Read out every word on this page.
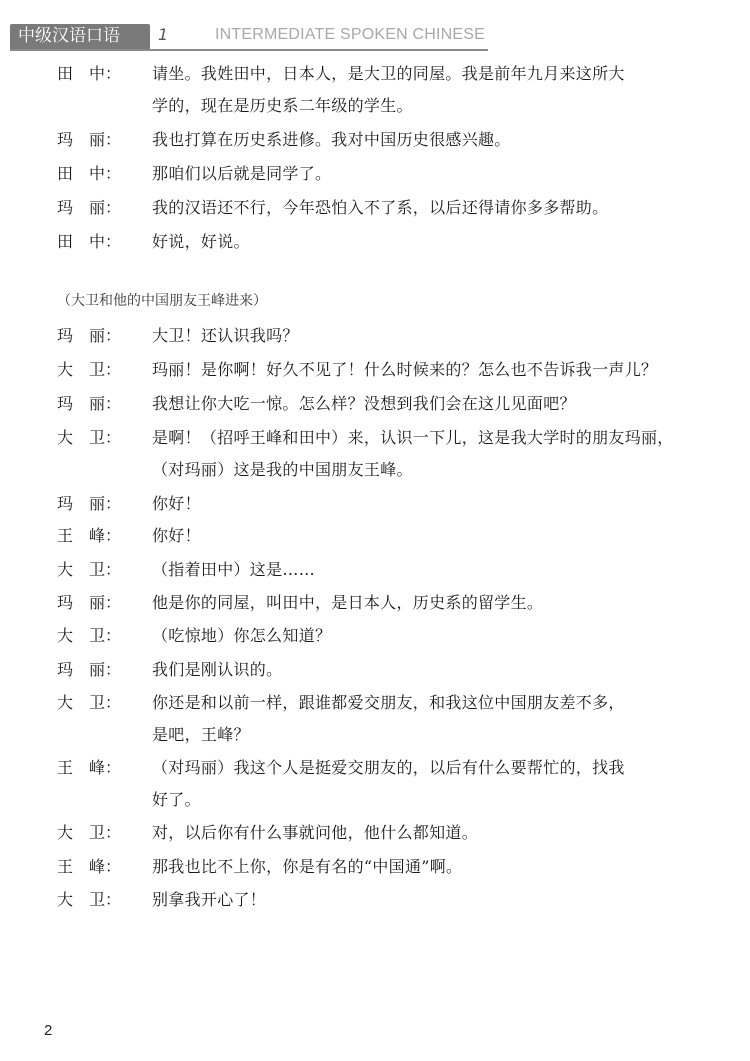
中级汉语口语	1	INTERMEDIATE SPOKEN CHINESE
田　中： 请坐。我姓田中，日本人，是大卫的同屋。我是前年九月来这所大
学的，现在是历史系二年级的学生。
玛　丽： 我也打算在历史系进修。我对中国历史很感兴趣。
田　中： 那咱们以后就是同学了。
玛　丽： 我的汉语还不行，今年恐怕入不了系，以后还得请你多多帮助。
田　中： 好说，好说。
（大卫和他的中国朋友王峰进来）
玛　丽： 大卫！还认识我吗？
大　卫： 玛丽！是你啊！好久不见了！什么时候来的？怎么也不告诉我一声儿？
玛　丽： 我想让你大吃一惊。怎么样？没想到我们会在这儿见面吧？
大　卫： 是啊！（招呼王峰和田中）来，认识一下儿，这是我大学时的朋友玛丽，
（对玛丽）这是我的中国朋友王峰。
玛　丽： 你好！
王　峰： 你好！
大　卫： （指着田中）这是……
玛　丽： 他是你的同屋，叫田中，是日本人，历史系的留学生。
大　卫： （吃惊地）你怎么知道？
玛　丽： 我们是刚认识的。
大　卫： 你还是和以前一样，跟谁都爱交朋友，和我这位中国朋友差不多，
是吧，王峰？
王　峰： （对玛丽）我这个人是挺爱交朋友的，以后有什么要帮忙的，找我
好了。
大　卫： 对，以后你有什么事就问他，他什么都知道。
王　峰： 那我也比不上你，你是有名的“中国通”啊。
大　卫： 别拿我开心了！
2
